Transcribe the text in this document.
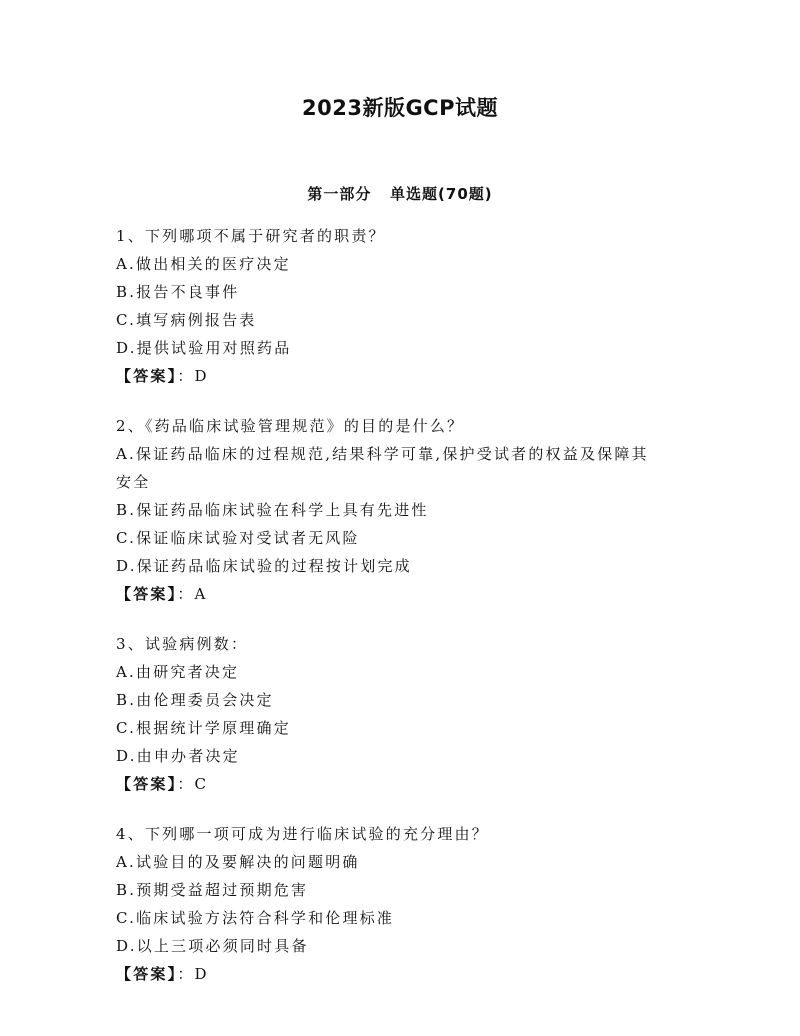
2023新版GCP试题
第一部分   单选题(70题)
1、下列哪项不属于研究者的职责？
A.做出相关的医疗决定
B.报告不良事件
C.填写病例报告表
D.提供试验用对照药品
【答案】：D
2、《药品临床试验管理规范》的目的是什么？
A.保证药品临床的过程规范,结果科学可靠,保护受试者的权益及保障其安全
B.保证药品临床试验在科学上具有先进性
C.保证临床试验对受试者无风险
D.保证药品临床试验的过程按计划完成
【答案】：A
3、试验病例数：
A.由研究者决定
B.由伦理委员会决定
C.根据统计学原理确定
D.由申办者决定
【答案】：C
4、下列哪一项可成为进行临床试验的充分理由？
A.试验目的及要解决的问题明确
B.预期受益超过预期危害
C.临床试验方法符合科学和伦理标准
D.以上三项必须同时具备
【答案】：D
